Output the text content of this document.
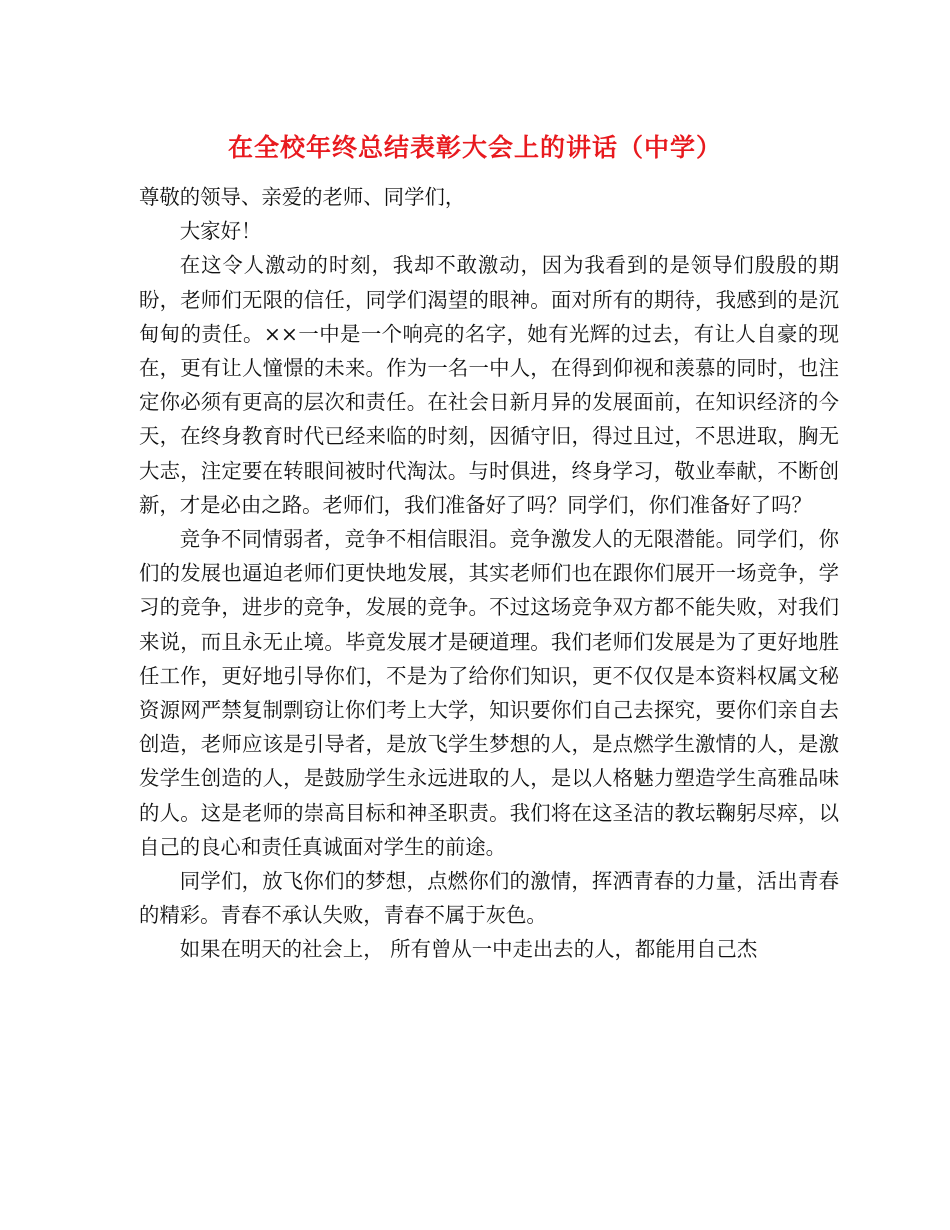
在全校年终总结表彰大会上的讲话（中学）

尊敬的领导、亲爱的老师、同学们，

大家好！

在这令人激动的时刻，我却不敢激动，因为我看到的是领导们殷殷的期盼，老师们无限的信任，同学们渴望的眼神。面对所有的期待，我感到的是沉甸甸的责任。××一中是一个响亮的名字，她有光辉的过去，有让人自豪的现在，更有让人憧憬的未来。作为一名一中人，在得到仰视和羡慕的同时，也注定你必须有更高的层次和责任。在社会日新月异的发展面前，在知识经济的今天，在终身教育时代已经来临的时刻，因循守旧，得过且过，不思进取，胸无大志，注定要在转眼间被时代淘汰。与时俱进，终身学习，敬业奉献，不断创新，才是必由之路。老师们，我们准备好了吗？同学们，你们准备好了吗？

竞争不同情弱者，竞争不相信眼泪。竞争激发人的无限潜能。同学们，你们的发展也逼迫老师们更快地发展，其实老师们也在跟你们展开一场竞争，学习的竞争，进步的竞争，发展的竞争。不过这场竞争双方都不能失败，对我们来说，而且永无止境。毕竟发展才是硬道理。我们老师们发展是为了更好地胜任工作，更好地引导你们，不是为了给你们知识，更不仅仅是本资料权属文秘资源网严禁复制剽窃让你们考上大学，知识要你们自己去探究，要你们亲自去创造，老师应该是引导者，是放飞学生梦想的人，是点燃学生激情的人，是激发学生创造的人，是鼓励学生永远进取的人，是以人格魅力塑造学生高雅品味的人。这是老师的崇高目标和神圣职责。我们将在这圣洁的教坛鞠躬尽瘁，以自己的良心和责任真诚面对学生的前途。

同学们，放飞你们的梦想，点燃你们的激情，挥洒青春的力量，活出青春的精彩。青春不承认失败，青春不属于灰色。

如果在明天的社会上， 所有曾从一中走出去的人，都能用自己杰
